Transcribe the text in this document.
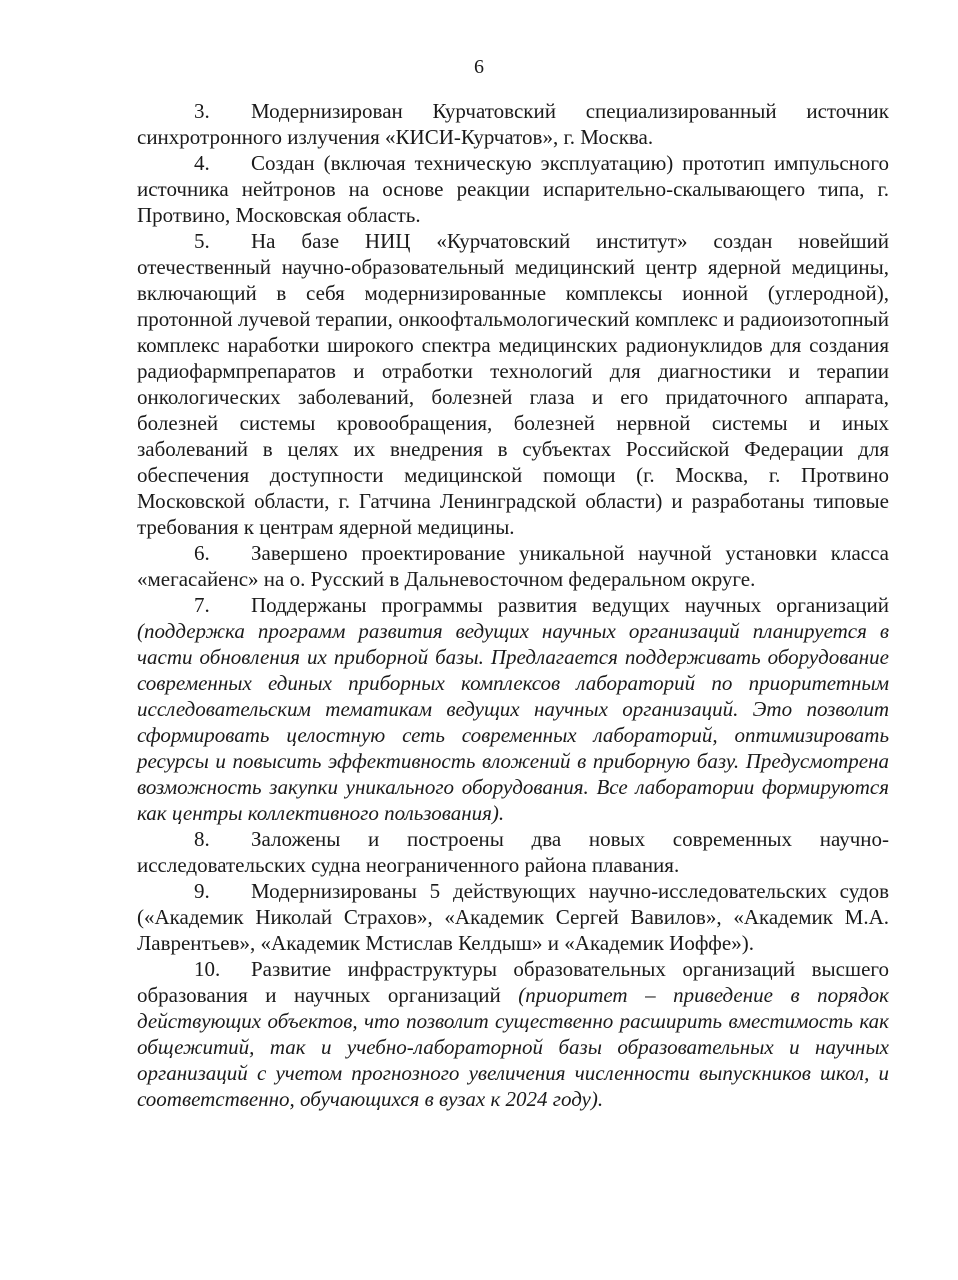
6

3. Модернизирован Курчатовский специализированный источник синхротронного излучения «КИСИ-Курчатов», г. Москва.

4. Создан (включая техническую эксплуатацию) прототип импульсного источника нейтронов на основе реакции испарительно-скалывающего типа, г. Протвино, Московская область.

5. На базе НИЦ «Курчатовский институт» создан новейший отечественный научно-образовательный медицинский центр ядерной медицины, включающий в себя модернизированные комплексы ионной (углеродной), протонной лучевой терапии, онкоофтальмологический комплекс и радиоизотопный комплекс наработки широкого спектра медицинских радионуклидов для создания радиофармпрепаратов и отработки технологий для диагностики и терапии онкологических заболеваний, болезней глаза и его придаточного аппарата, болезней системы кровообращения, болезней нервной системы и иных заболеваний в целях их внедрения в субъектах Российской Федерации для обеспечения доступности медицинской помощи (г. Москва, г. Протвино Московской области, г. Гатчина Ленинградской области) и разработаны типовые требования к центрам ядерной медицины.

6. Завершено проектирование уникальной научной установки класса «мегасайенс» на о. Русский в Дальневосточном федеральном округе.

7. Поддержаны программы развития ведущих научных организаций (поддержка программ развития ведущих научных организаций планируется в части обновления их приборной базы. Предлагается поддерживать оборудование современных единых приборных комплексов лабораторий по приоритетным исследовательским тематикам ведущих научных организаций. Это позволит сформировать целостную сеть современных лабораторий, оптимизировать ресурсы и повысить эффективность вложений в приборную базу. Предусмотрена возможность закупки уникального оборудования. Все лаборатории формируются как центры коллективного пользования).

8. Заложены и построены два новых современных научно-исследовательских судна неограниченного района плавания.

9. Модернизированы 5 действующих научно-исследовательских судов («Академик Николай Страхов», «Академик Сергей Вавилов», «Академик М.А. Лаврентьев», «Академик Мстислав Келдыш» и «Академик Иоффе»).

10. Развитие инфраструктуры образовательных организаций высшего образования и научных организаций (приоритет – приведение в порядок действующих объектов, что позволит существенно расширить вместимость как общежитий, так и учебно-лабораторной базы образовательных и научных организаций с учетом прогнозного увеличения численности выпускников школ, и соответственно, обучающихся в вузах к 2024 году).
